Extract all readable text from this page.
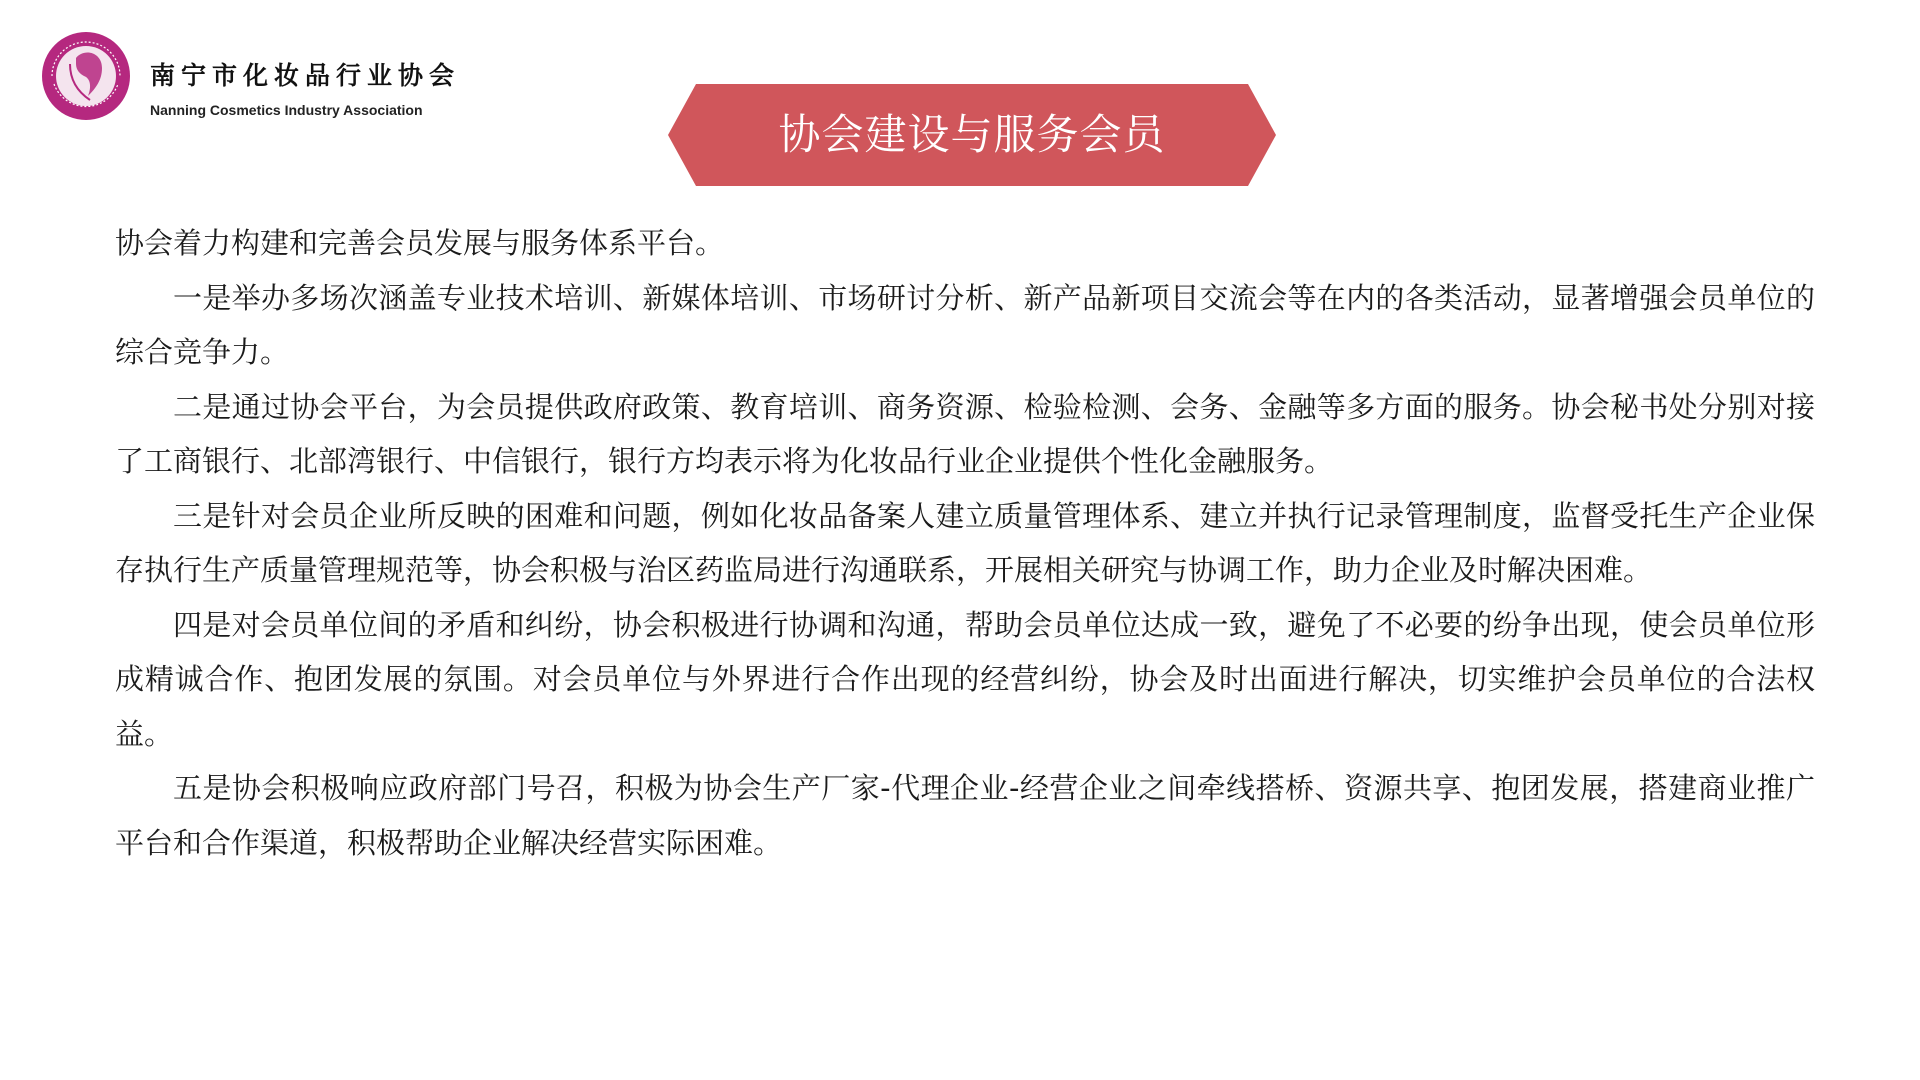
南宁市化妆品行业协会
Nanning Cosmetics Industry Association	协会建设与服务会员

协会着力构建和完善会员发展与服务体系平台。

一是举办多场次涵盖专业技术培训、新媒体培训、市场研讨分析、新产品新项目交流会等在内的各类活动，显著增强会员单位的综合竞争力。

二是通过协会平台，为会员提供政府政策、教育培训、商务资源、检验检测、会务、金融等多方面的服务。协会秘书处分别对接了工商银行、北部湾银行、中信银行，银行方均表示将为化妆品行业企业提供个性化金融服务。

三是针对会员企业所反映的困难和问题，例如化妆品备案人建立质量管理体系、建立并执行记录管理制度，监督受托生产企业保存执行生产质量管理规范等，协会积极与治区药监局进行沟通联系，开展相关研究与协调工作，助力企业及时解决困难。

四是对会员单位间的矛盾和纠纷，协会积极进行协调和沟通，帮助会员单位达成一致，避免了不必要的纷争出现，使会员单位形成精诚合作、抱团发展的氛围。对会员单位与外界进行合作出现的经营纠纷，协会及时出面进行解决，切实维护会员单位的合法权益。

五是协会积极响应政府部门号召，积极为协会生产厂家-代理企业-经营企业之间牵线搭桥、资源共享、抱团发展，搭建商业推广平台和合作渠道，积极帮助企业解决经营实际困难。
